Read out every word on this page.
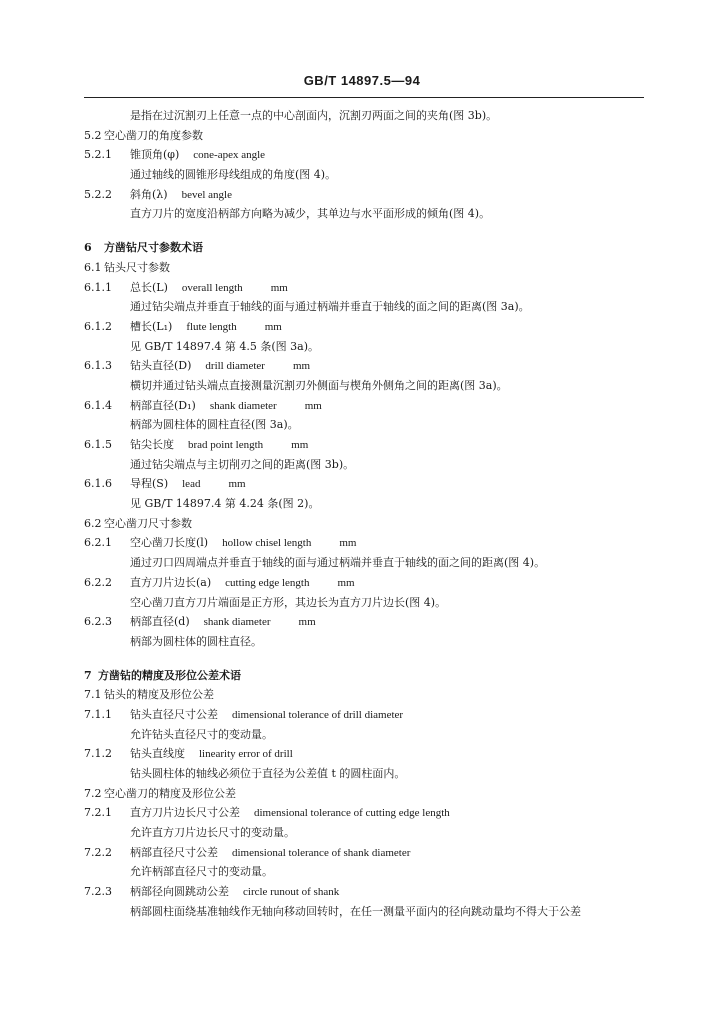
GB/T 14897.5—94
是指在过沉割刃上任意一点的中心剖面内，沉割刃两面之间的夹角(图 3b)。
5.2 空心凿刀的角度参数
5.2.1 锥顶角(φ) cone-apex angle
通过轴线的圆锥形母线组成的角度(图 4)。
5.2.2 斜角(λ) bevel angle
直方刀片的宽度沿柄部方向略为减少，其单边与水平面形成的倾角(图 4)。
6 方凿钻尺寸参数术语
6.1 钻头尺寸参数
6.1.1 总长(L) overall length	mm
通过钻尖端点并垂直于轴线的面与通过柄端并垂直于轴线的面之间的距离(图 3a)。
6.1.2 槽长(L₁) flute length	mm
见 GB/T 14897.4 第 4.5 条(图 3a)。
6.1.3 钻头直径(D) drill diameter	mm
横切并通过钻头端点直接测量沉割刃外侧面与楔角外侧角之间的距离(图 3a)。
6.1.4 柄部直径(D₁) shank diameter	mm
柄部为圆柱体的圆柱直径(图 3a)。
6.1.5 钻尖长度 brad point length	mm
通过钻尖端点与主切削刃之间的距离(图 3b)。
6.1.6 导程(S) lead	mm
见 GB/T 14897.4 第 4.24 条(图 2)。
6.2 空心凿刀尺寸参数
6.2.1 空心凿刀长度(l) hollow chisel length	mm
通过刃口四周端点并垂直于轴线的面与通过柄端并垂直于轴线的面之间的距离(图 4)。
6.2.2 直方刀片边长(a) cutting edge length	mm
空心凿刀直方刀片端面是正方形，其边长为直方刀片边长(图 4)。
6.2.3 柄部直径(d) shank diameter	mm
柄部为圆柱体的圆柱直径。
7 方凿钻的精度及形位公差术语
7.1 钻头的精度及形位公差
7.1.1 钻头直径尺寸公差 dimensional tolerance of drill diameter
允许钻头直径尺寸的变动量。
7.1.2 钻头直线度 linearity error of drill
钻头圆柱体的轴线必须位于直径为公差值 t 的圆柱面内。
7.2 空心凿刀的精度及形位公差
7.2.1 直方刀片边长尺寸公差 dimensional tolerance of cutting edge length
允许直方刀片边长尺寸的变动量。
7.2.2 柄部直径尺寸公差 dimensional tolerance of shank diameter
允许柄部直径尺寸的变动量。
7.2.3 柄部径向圆跳动公差 circle runout of shank
柄部圆柱面绕基准轴线作无轴向移动回转时，在任一测量平面内的径向跳动量均不得大于公差
